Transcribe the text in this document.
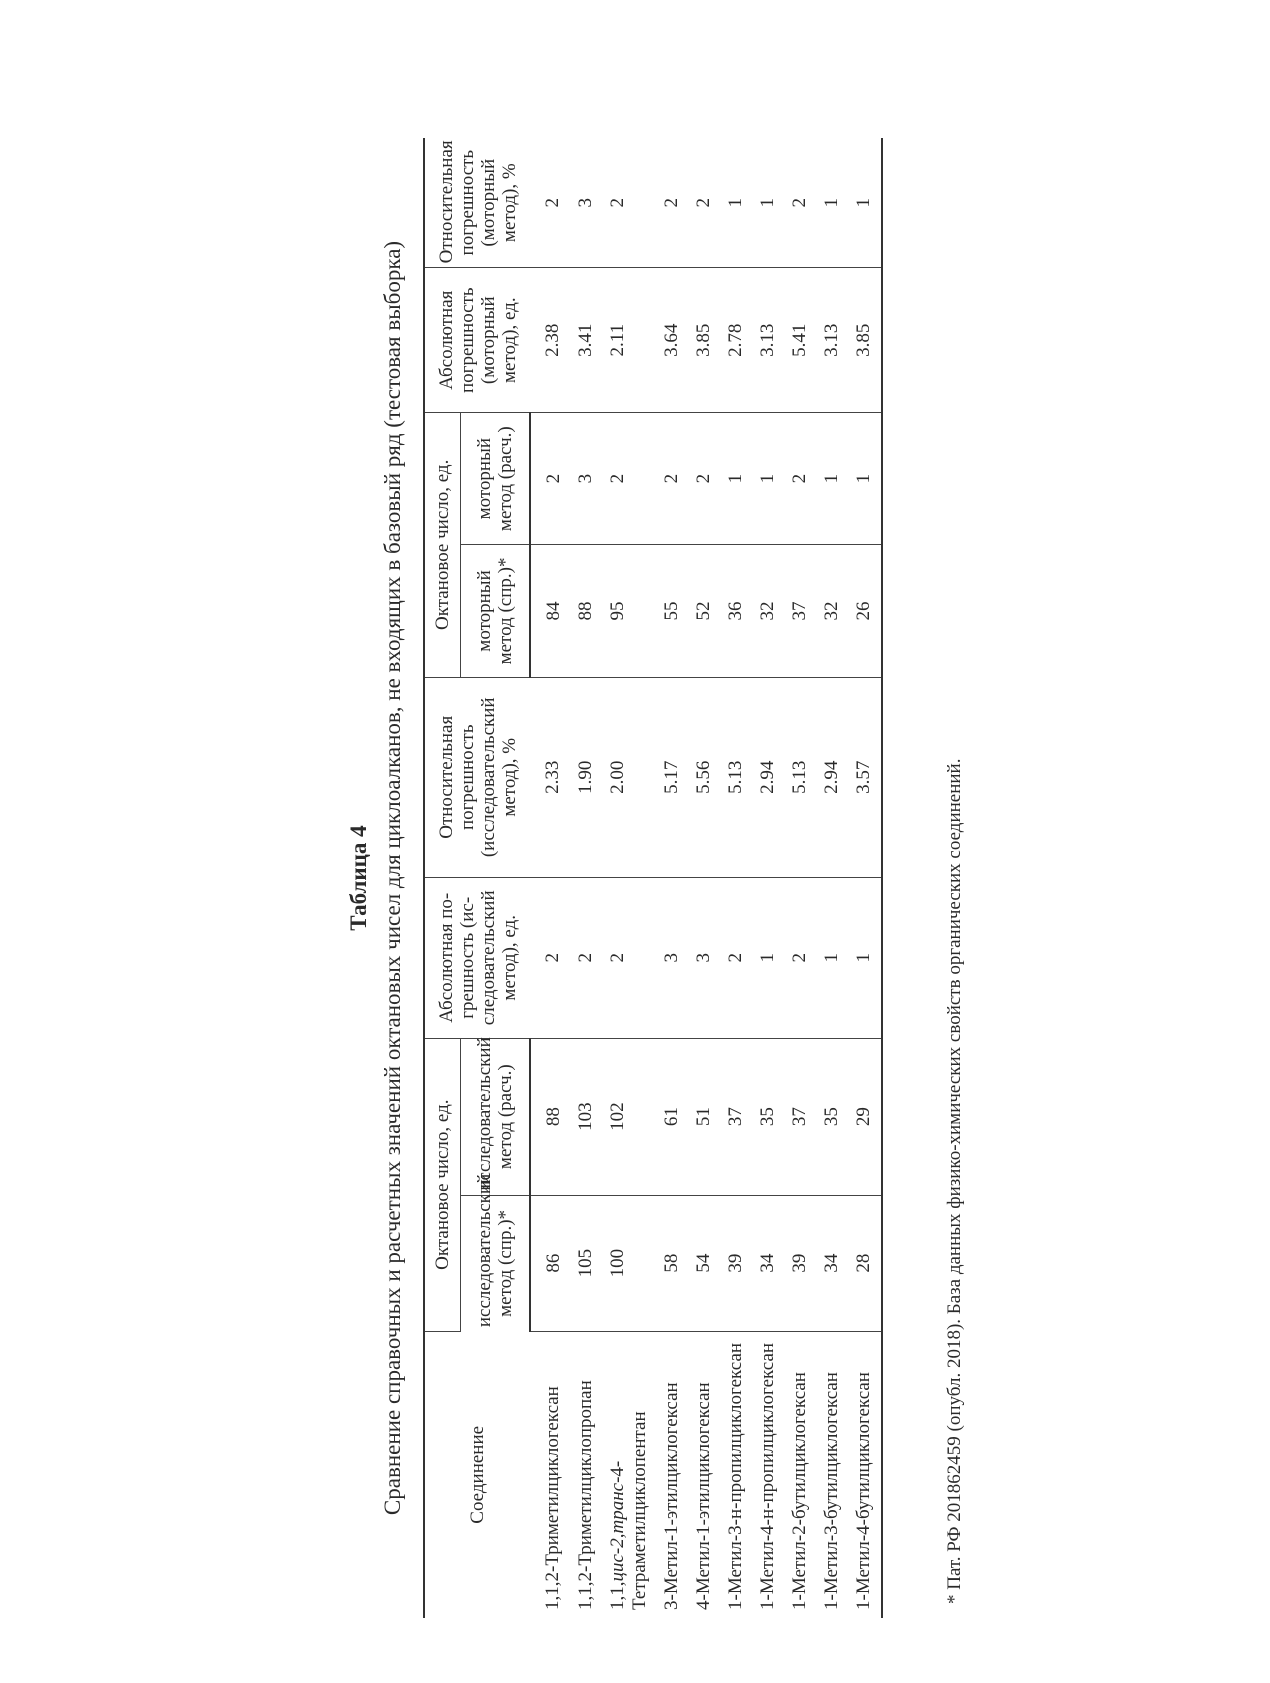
Таблица 4 Сравнение справочных и расчетных значений октановых чисел для циклоалканов, не входящих в базовый ряд (тестовая выборка)	Соединение	Октановое число, ед.		Абсолютная по-грешность (ис-следовательский метод), ед.	Относительная погрешность (исследовательский метод), %	Октановое число, ед.		Абсолютная погрешность (моторный метод), ед.	Относительная погрешность (моторный метод), %
	исследовательский метод (спр.)*	исследовательский метод (расч.)			моторный метод (спр.)*	моторный метод (расч.)		
1,1,2-Триметилциклогексан	86	88	2	2.33	84	2	2.38	2
1,1,2-Триметилциклопропан	105	103	2	1.90	88	3	3.41	3
1,1,цис-2,транс-4-Тетраметилциклопентан	100	102	2	2.00	95	2	2.11	2
3-Метил-1-этилциклогексан	58	61	3	5.17	55	2	3.64	2
4-Метил-1-этилциклогексан	54	51	3	5.56	52	2	3.85	2
1-Метил-3-н-пропилциклогексан	39	37	2	5.13	36	1	2.78	1
1-Метил-4-н-пропилциклогексан	34	35	1	2.94	32	1	3.13	1
1-Метил-2-бутилциклогексан	39	37	2	5.13	37	2	5.41	2
1-Метил-3-бутилциклогексан	34	35	1	2.94	32	1	3.13	1
1-Метил-4-бутилциклогексан	28	29	1	3.57	26	1	3.85	1
* Пат. РФ 201862459 (опубл. 2018). База данных физико-химических свойств органических соединений.
